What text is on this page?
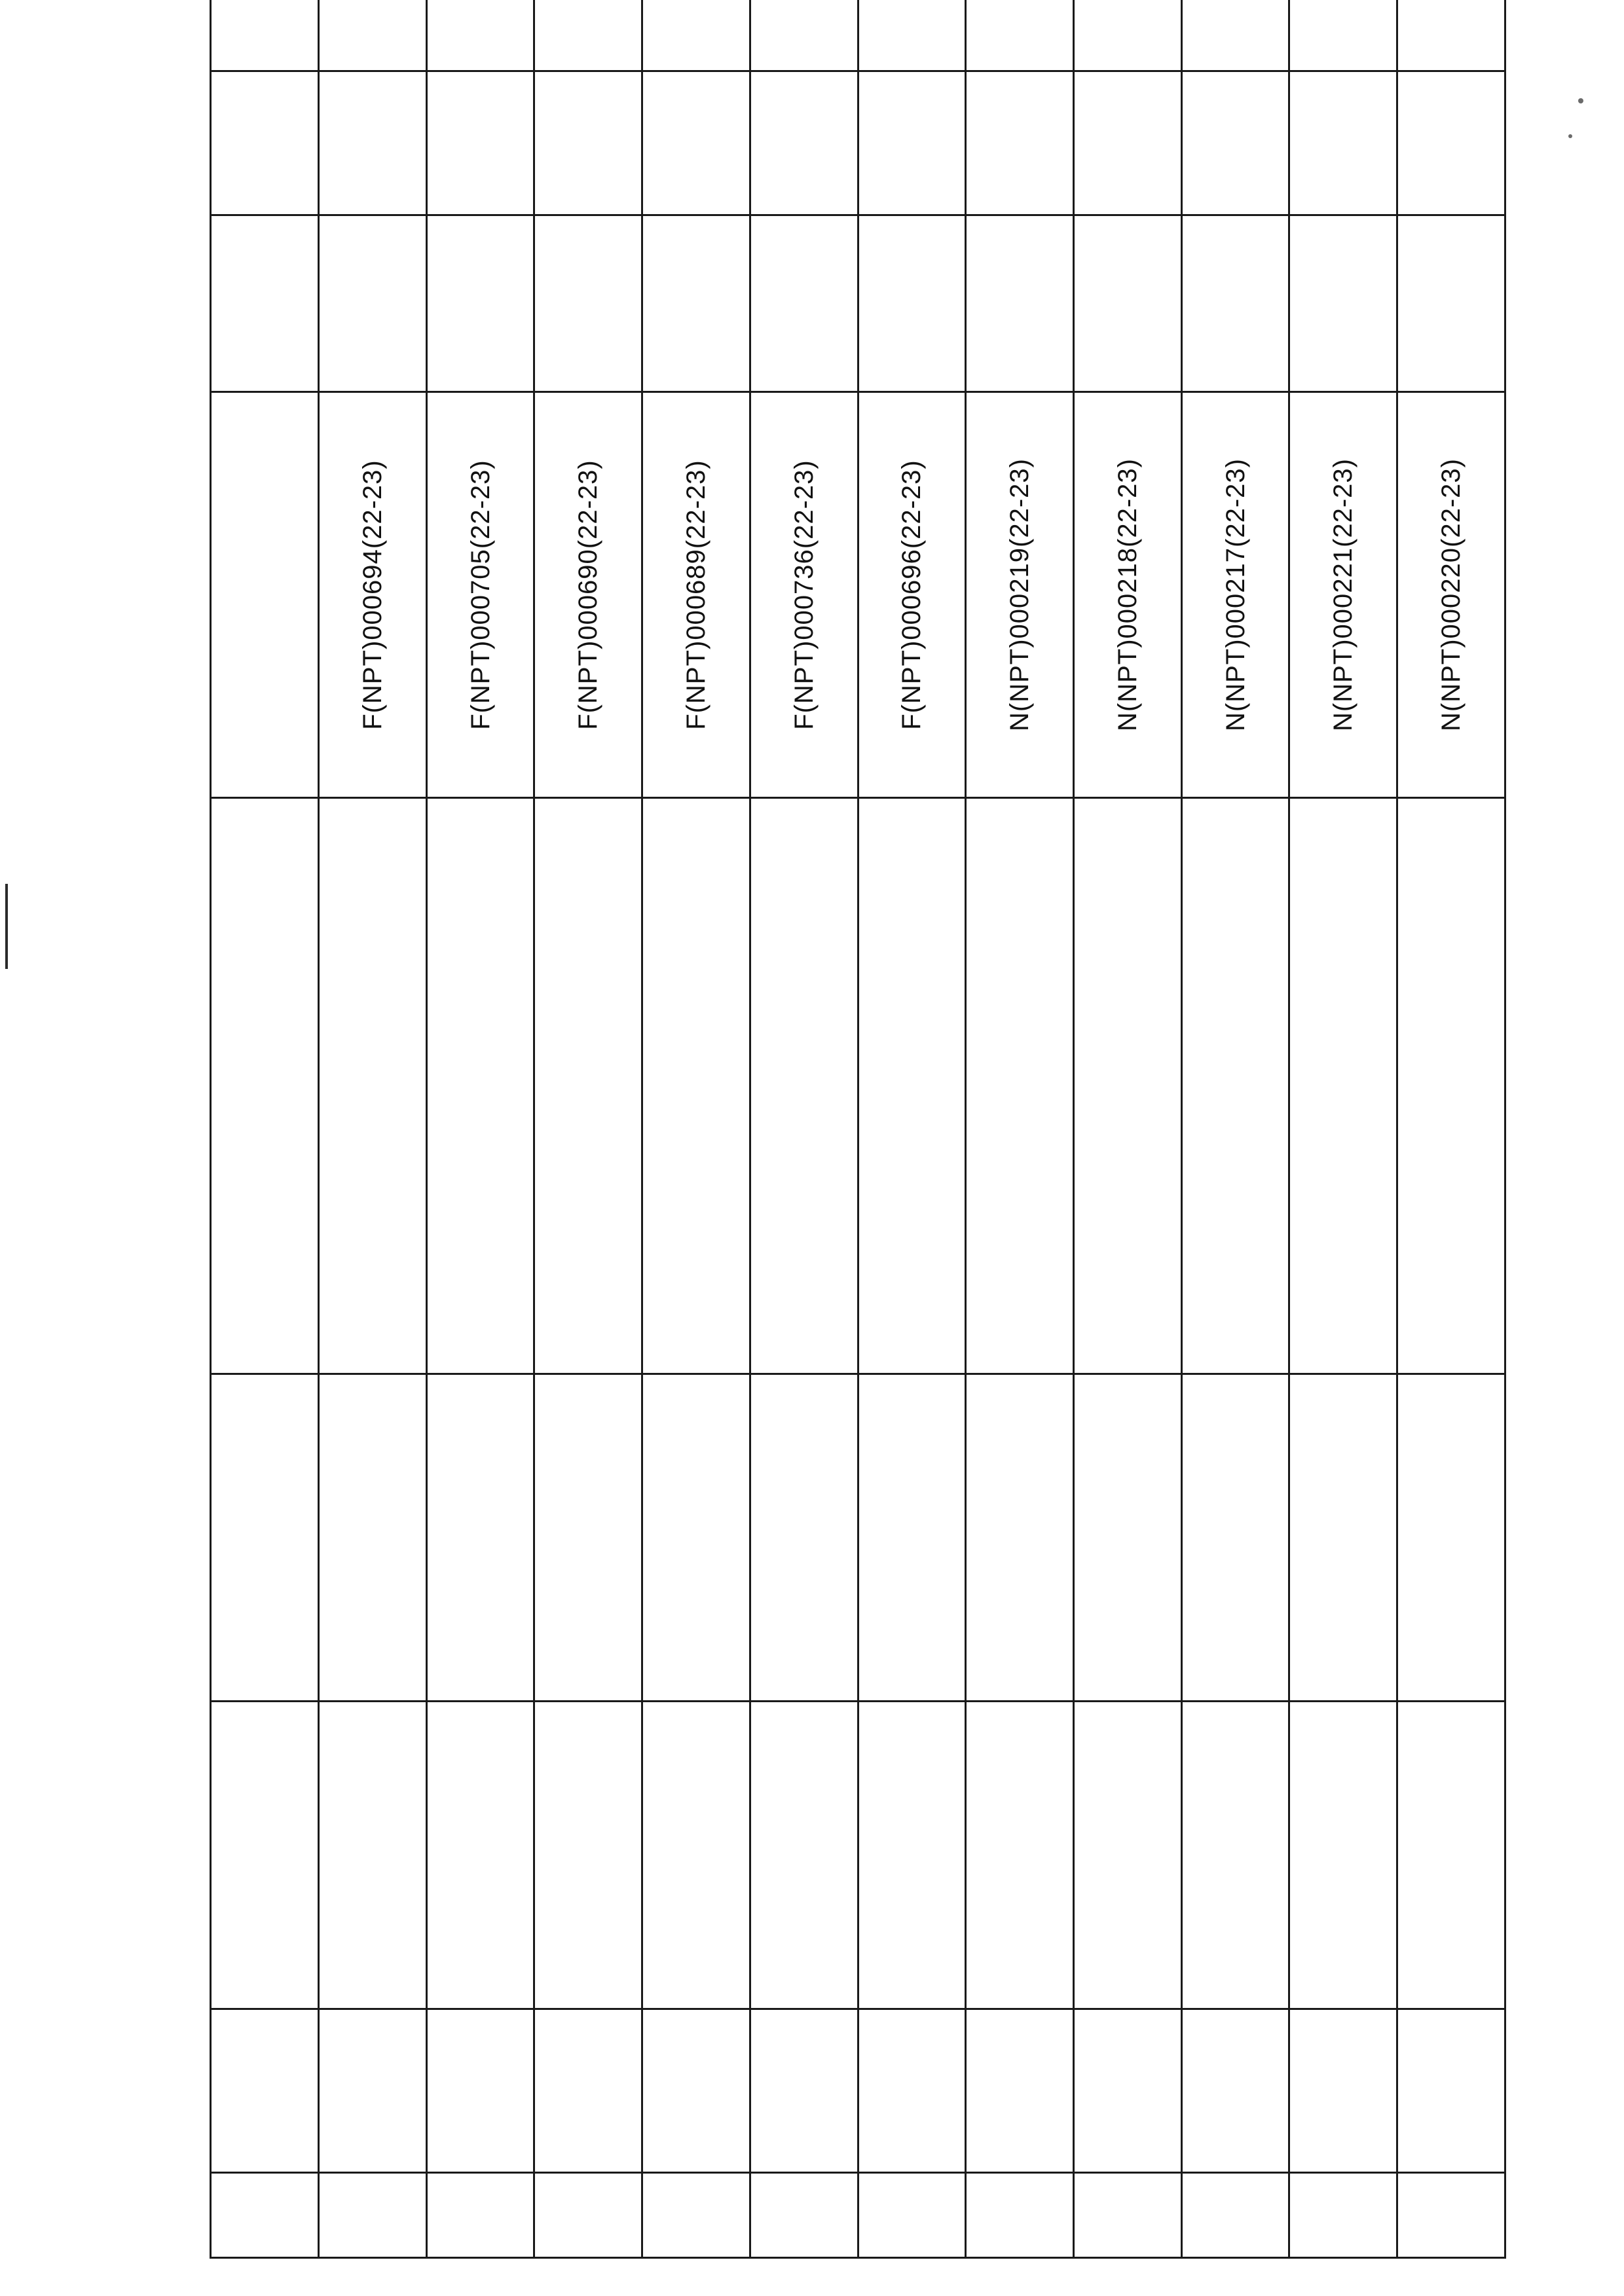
					F(NPT)000694(22-23)			
					F(NPT)000705(22-23)			
					F(NPT)000690(22-23)			
					F(NPT)000689(22-23)			
					F(NPT)000736(22-23)			
					F(NPT)000696(22-23)			
					N(NPT)000219(22-23)			
					N(NPT)000218(22-23)			
					N(NPT)000217(22-23)			
					N(NPT)000221(22-23)			
					N(NPT)000220(22-23)			
